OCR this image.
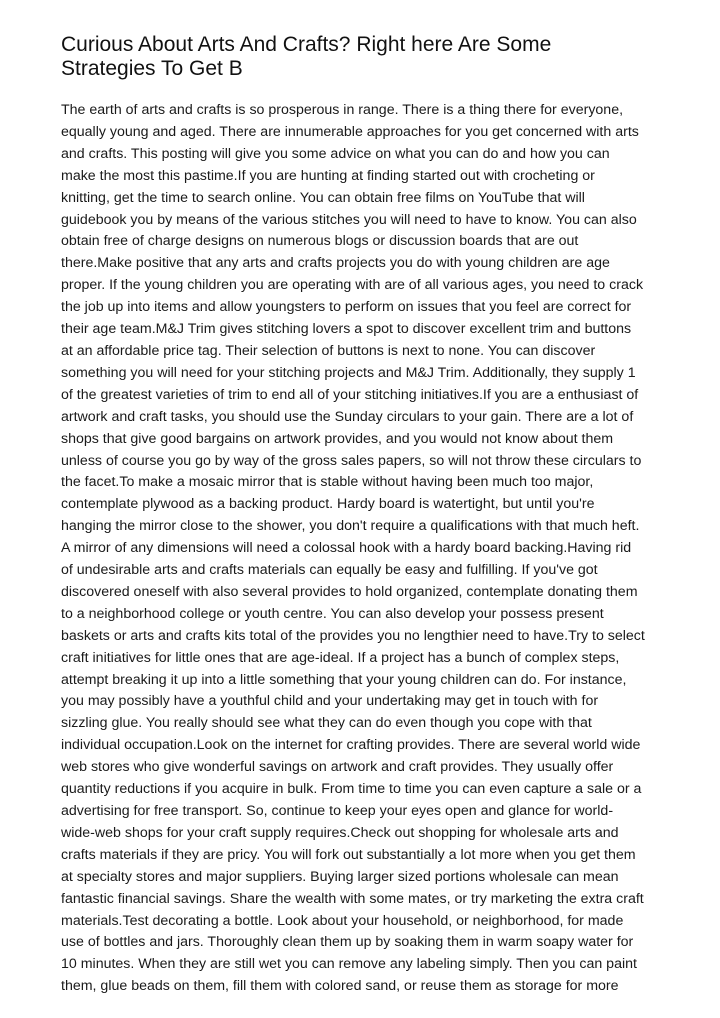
Curious About Arts And Crafts? Right here Are Some
Strategies To Get B
The earth of arts and crafts is so prosperous in range. There is a thing there for everyone,
equally young and aged. There are innumerable approaches for you get concerned with arts
and crafts. This posting will give you some advice on what you can do and how you can
make the most this pastime.If you are hunting at finding started out with crocheting or
knitting, get the time to search online. You can obtain free films on YouTube that will
guidebook you by means of the various stitches you will need to have to know. You can also
obtain free of charge designs on numerous blogs or discussion boards that are out
there.Make positive that any arts and crafts projects you do with young children are age
proper. If the young children you are operating with are of all various ages, you need to crack
the job up into items and allow youngsters to perform on issues that you feel are correct for
their age team.M&J Trim gives stitching lovers a spot to discover excellent trim and buttons
at an affordable price tag. Their selection of buttons is next to none. You can discover
something you will need for your stitching projects and M&J Trim. Additionally, they supply 1
of the greatest varieties of trim to end all of your stitching initiatives.If you are a enthusiast of
artwork and craft tasks, you should use the Sunday circulars to your gain. There are a lot of
shops that give good bargains on artwork provides, and you would not know about them
unless of course you go by way of the gross sales papers, so will not throw these circulars to
the facet.To make a mosaic mirror that is stable without having been much too major,
contemplate plywood as a backing product. Hardy board is watertight, but until you're
hanging the mirror close to the shower, you don't require a qualifications with that much heft.
A mirror of any dimensions will need a colossal hook with a hardy board backing.Having rid
of undesirable arts and crafts materials can equally be easy and fulfilling. If you've got
discovered oneself with also several provides to hold organized, contemplate donating them
to a neighborhood college or youth centre. You can also develop your possess present
baskets or arts and crafts kits total of the provides you no lengthier need to have.Try to select
craft initiatives for little ones that are age-ideal. If a project has a bunch of complex steps,
attempt breaking it up into a little something that your young children can do. For instance,
you may possibly have a youthful child and your undertaking may get in touch with for
sizzling glue. You really should see what they can do even though you cope with that
individual occupation.Look on the internet for crafting provides. There are several world wide
web stores who give wonderful savings on artwork and craft provides. They usually offer
quantity reductions if you acquire in bulk. From time to time you can even capture a sale or a
advertising for free transport. So, continue to keep your eyes open and glance for world-
wide-web shops for your craft supply requires.Check out shopping for wholesale arts and
crafts materials if they are pricy. You will fork out substantially a lot more when you get them
at specialty stores and major suppliers. Buying larger sized portions wholesale can mean
fantastic financial savings. Share the wealth with some mates, or try marketing the extra craft
materials.Test decorating a bottle. Look about your household, or neighborhood, for made
use of bottles and jars. Thoroughly clean them up by soaking them in warm soapy water for
10 minutes. When they are still wet you can remove any labeling simply. Then you can paint
them, glue beads on them, fill them with colored sand, or reuse them as storage for more
